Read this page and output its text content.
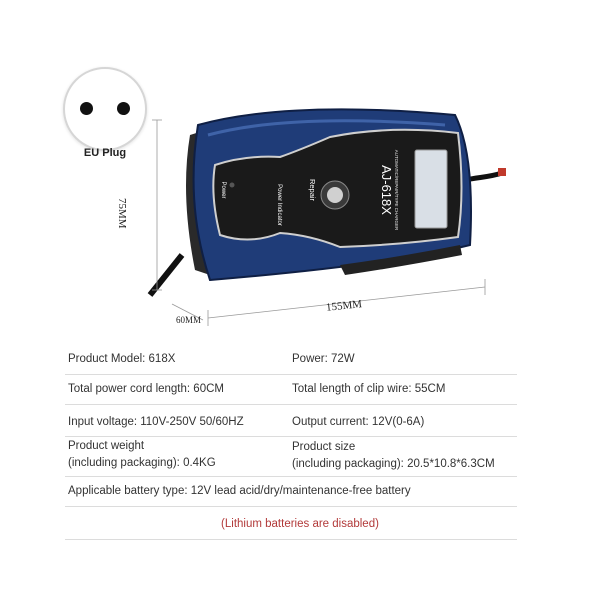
EU Plug	AUTOMATIC/REPAIR/TYPE CHARGER
AJ-618X
Repair
Power Indicator
Power
75MM
155MM
60MM
Product Model: 618X	Power: 72W
Total power cord length: 60CM	Total length of clip wire: 55CM
Input voltage: 110V-250V 50/60HZ	Output current: 12V(0-6A)
Product weight
(including packaging): 0.4KG
Product size
(including packaging): 20.5*10.8*6.3CM
Applicable battery type: 12V lead acid/dry/maintenance-free battery
(Lithium batteries are disabled)
